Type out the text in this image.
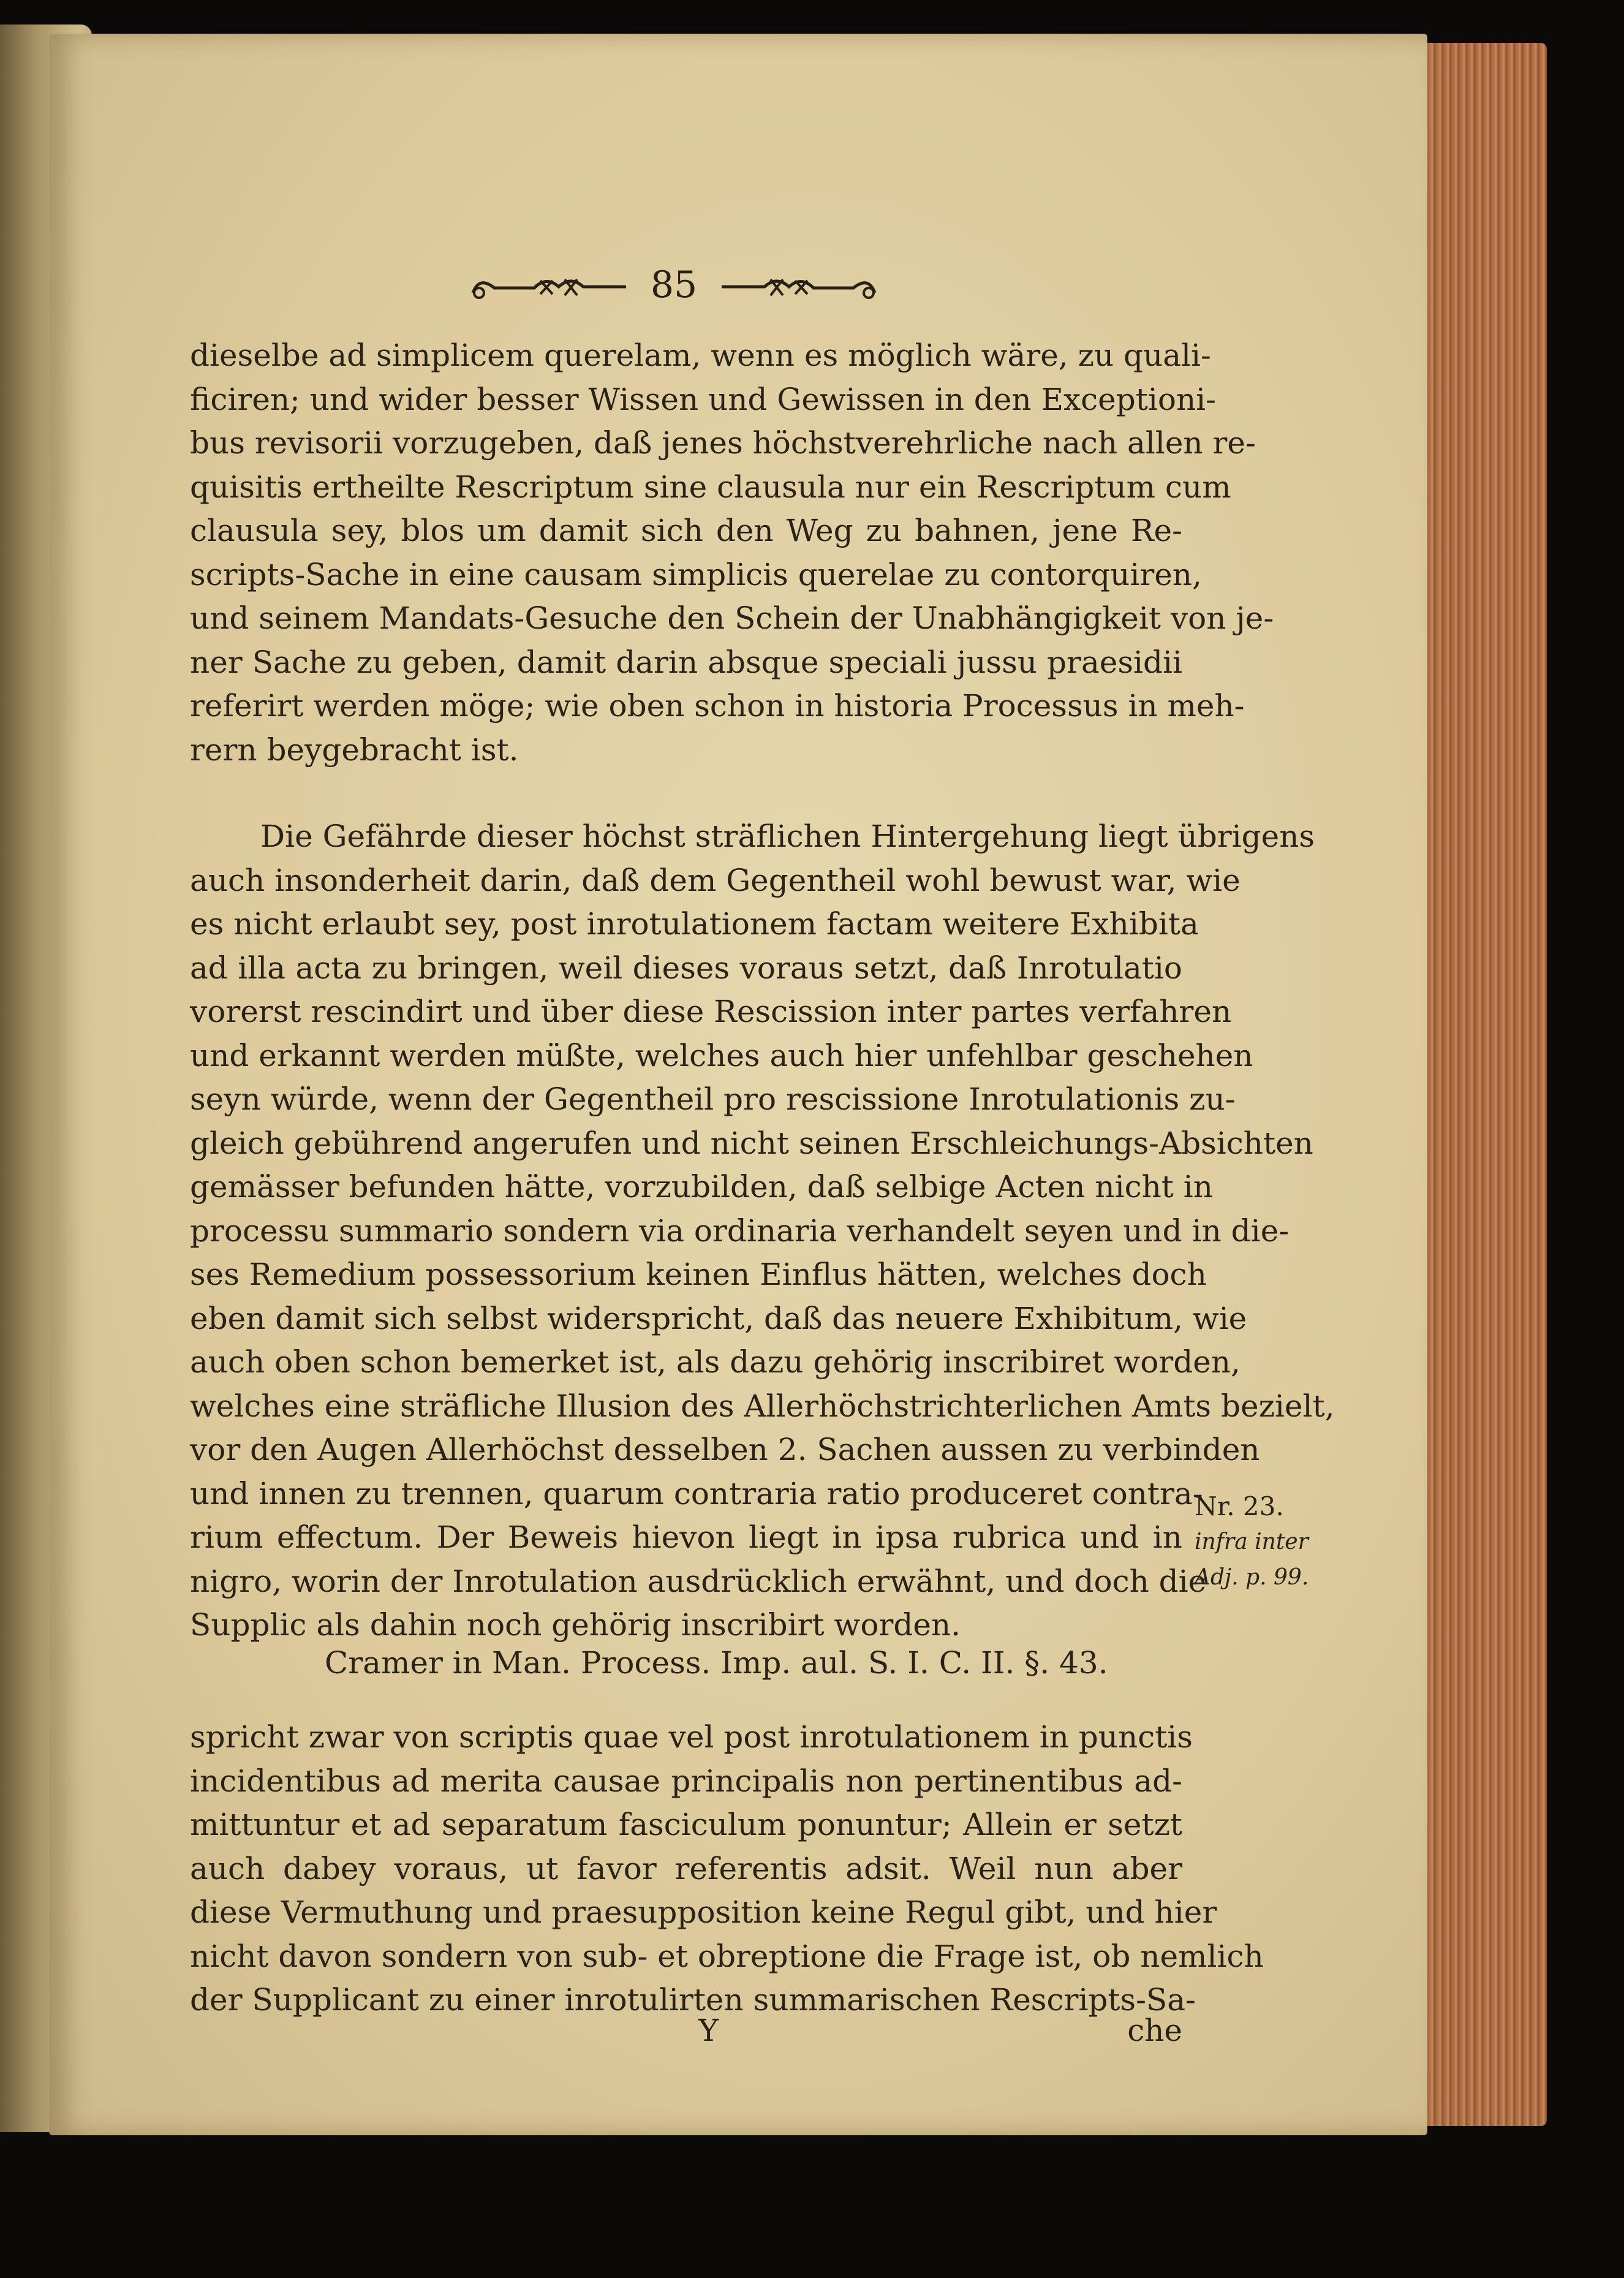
85
dieselbe ad simplicem querelam, wenn es möglich wäre, zu quali-
ficiren; und wider besser Wissen und Gewissen in den Exceptioni-
bus revisorii vorzugeben, daß jenes höchstverehrliche nach allen re-
quisitis ertheilte Rescriptum sine clausula nur ein Rescriptum cum
clausula sey, blos um damit sich den Weg zu bahnen, jene Re-
scripts-Sache in eine causam simplicis querelae zu contorquiren,
und seinem Mandats-Gesuche den Schein der Unabhängigkeit von je-
ner Sache zu geben, damit darin absque speciali jussu praesidii
referirt werden möge; wie oben schon in historia Processus in meh-
rern beygebracht ist.
Die Gefährde dieser höchst sträflichen Hintergehung liegt übrigens
auch insonderheit darin, daß dem Gegentheil wohl bewust war, wie
es nicht erlaubt sey, post inrotulationem factam weitere Exhibita
ad illa acta zu bringen, weil dieses voraus setzt, daß Inrotulatio
vorerst rescindirt und über diese Rescission inter partes verfahren
und erkannt werden müßte, welches auch hier unfehlbar geschehen
seyn würde, wenn der Gegentheil pro rescissione Inrotulationis zu-
gleich gebührend angerufen und nicht seinen Erschleichungs-Absichten
gemässer befunden hätte, vorzubilden, daß selbige Acten nicht in
processu summario sondern via ordinaria verhandelt seyen und in die-
ses Remedium possessorium keinen Einflus hätten, welches doch
eben damit sich selbst widerspricht, daß das neuere Exhibitum, wie
auch oben schon bemerket ist, als dazu gehörig inscribiret worden,
welches eine sträfliche Illusion des Allerhöchstrichterlichen Amts bezielt,
vor den Augen Allerhöchst desselben 2. Sachen aussen zu verbinden
und innen zu trennen, quarum contraria ratio produceret contra-
rium effectum. Der Beweis hievon liegt in ipsa rubrica und in
nigro, worin der Inrotulation ausdrücklich erwähnt, und doch die
Supplic als dahin noch gehörig inscribirt worden.
Nr. 23.
infra inter
Adj. p. 99.
Cramer in Man. Process. Imp. aul. S. I. C. II. §. 43.
spricht zwar von scriptis quae vel post inrotulationem in punctis
incidentibus ad merita causae principalis non pertinentibus ad-
mittuntur et ad separatum fasciculum ponuntur; Allein er setzt
auch dabey voraus, ut favor referentis adsit. Weil nun aber
diese Vermuthung und praesupposition keine Regul gibt, und hier
nicht davon sondern von sub- et obreptione die Frage ist, ob nemlich
der Supplicant zu einer inrotulirten summarischen Rescripts-Sa-
Y	che
